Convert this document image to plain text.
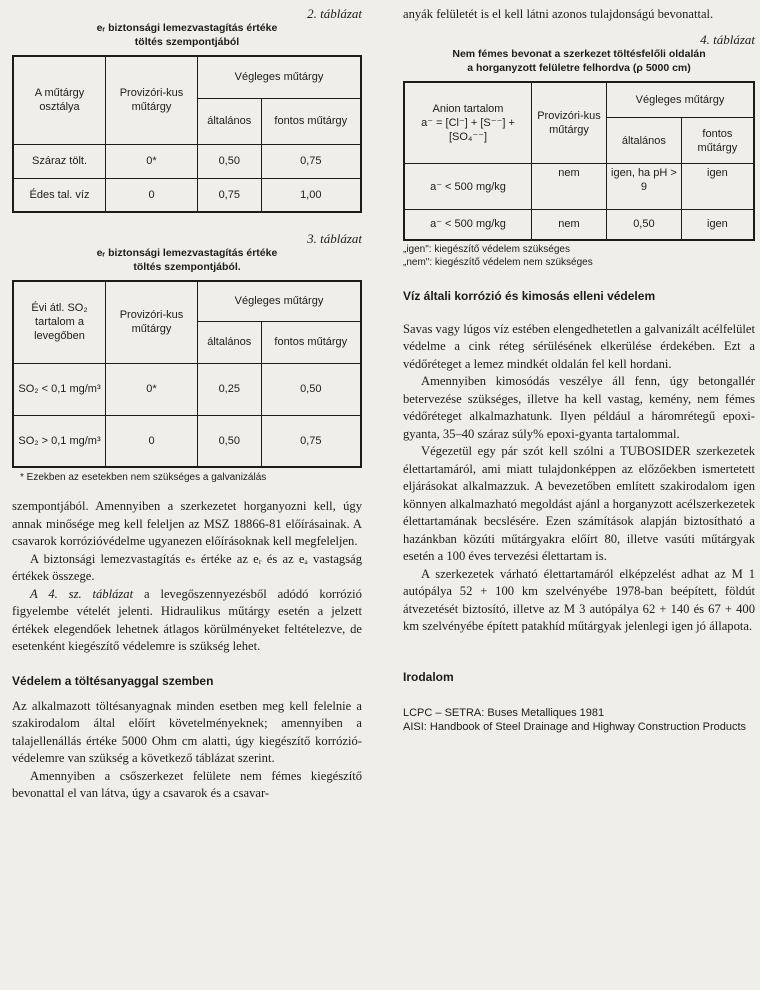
2. táblázat
eᵣ biztonsági lemezvastagítás értéke
töltés szempontjából
A műtárgy osztálya	Provizóri-kus műtárgy	Végleges műtárgy	
		általános	fontos műtárgy
Száraz tölt.	0*	0,50	0,75
Édes tal. víz	0	0,75	1,00
3. táblázat
eᵣ biztonsági lemezvastagítás értéke
töltés szempontjából.
Évi átl. SO₂ tartalom a levegőben	Provizóri-kus műtárgy	Végleges műtárgy	
		általános	fontos műtárgy
SO₂ < 0,1 mg/m³	0*	0,25	0,50
SO₂ > 0,1 mg/m³	0	0,50	0,75
* Ezekben az esetekben nem szükséges a galvanizálás

szempontjából. Amennyiben a szerkezetet horganyozni kell, úgy annak minősége meg kell feleljen az MSZ 18866-81 előírásainak. A csavarok korrózióvédelme ugyanezen előírásoknak kell megfeleljen.

A biztonsági lemezvastagítás eₛ értéke az eᵣ és az eₐ vastagság értékek összege.

A 4. sz. táblázat a levegőszennyezésből adódó korrózió figyelembe vételét jelenti. Hidraulikus műtárgy esetén a jelzett értékek elegendőek lehetnek átlagos körülményeket feltételezve, de esetenként kiegészítő védelemre is szükség lehet.

Védelem a töltésanyaggal szemben

Az alkalmazott töltésanyagnak minden esetben meg kell felelnie a szakirodalom által előírt követelményeknek; amennyiben a talajellenállás értéke 5000 Ohm cm alatti, úgy kiegészítő korrózió-védelemre van szükség a következő táblázat szerint.

Amennyiben a csőszerkezet felülete nem fémes kiegészítő bevonattal el van látva, úgy a csavarok és a csavar-

anyák felületét is el kell látni azonos tulajdonságú bevonattal.

4. táblázat
Nem fémes bevonat a szerkezet töltésfelőli oldalán
a horganyzott felületre felhordva (ρ 5000 cm)
Anion tartalom
a⁻ = [Cl⁻] + [S⁻⁻] +
[SO₄⁻⁻]	Provizóri-kus műtárgy	Végleges műtárgy	
		általános	fontos műtárgy
a⁻ < 500 mg/kg	nem	igen, ha pH > 9	igen
a⁻ < 500 mg/kg	nem	0,50	igen
„igen": kiegészítő védelem szükséges
„nem": kiegészítő védelem nem szükséges
Víz általi korrózió és kimosás elleni védelem

Savas vagy lúgos víz estében elengedhetetlen a galvanizált acélfelület védelme a cink réteg sérülésének elkerülése érdekében. Ezt a védőréteget a lemez mindkét oldalán fel kell hordani.

Amennyiben kimosódás veszélye áll fenn, úgy betongallér betervezése szükséges, illetve ha kell vastag, kemény, nem fémes védőréteget alkalmazhatunk. Ilyen például a háromrétegű epoxi-gyanta, 35–40 száraz súly% epoxi-gyanta tartalommal.

Végezetül egy pár szót kell szólni a TUBOSIDER szerkezetek élettartamáról, ami miatt tulajdonképpen az előzőekben ismertetett eljárásokat alkalmazzuk. A bevezetőben említett szakirodalom igen könnyen alkalmazható megoldást ajánl a horganyzott acélszerkezetek élettartamának becslésére. Ezen számítások alapján biztosítható a hazánkban közúti műtárgyakra előírt 80, illetve vasúti műtárgyak esetén a 100 éves tervezési élettartam is.

A szerkezetek várható élettartamáról elképzelést adhat az M 1 autópálya 52 + 100 km szelvényébe 1978-ban beépített, földút átvezetését biztosító, illetve az M 3 autópálya 62 + 140 és 67 + 400 km szelvényébe épített patakhíd műtárgyak jelenlegi igen jó állapota.

Irodalom
LCPC – SETRA: Buses Metalliques 1981
AISI: Handbook of Steel Drainage and Highway Construction Products
